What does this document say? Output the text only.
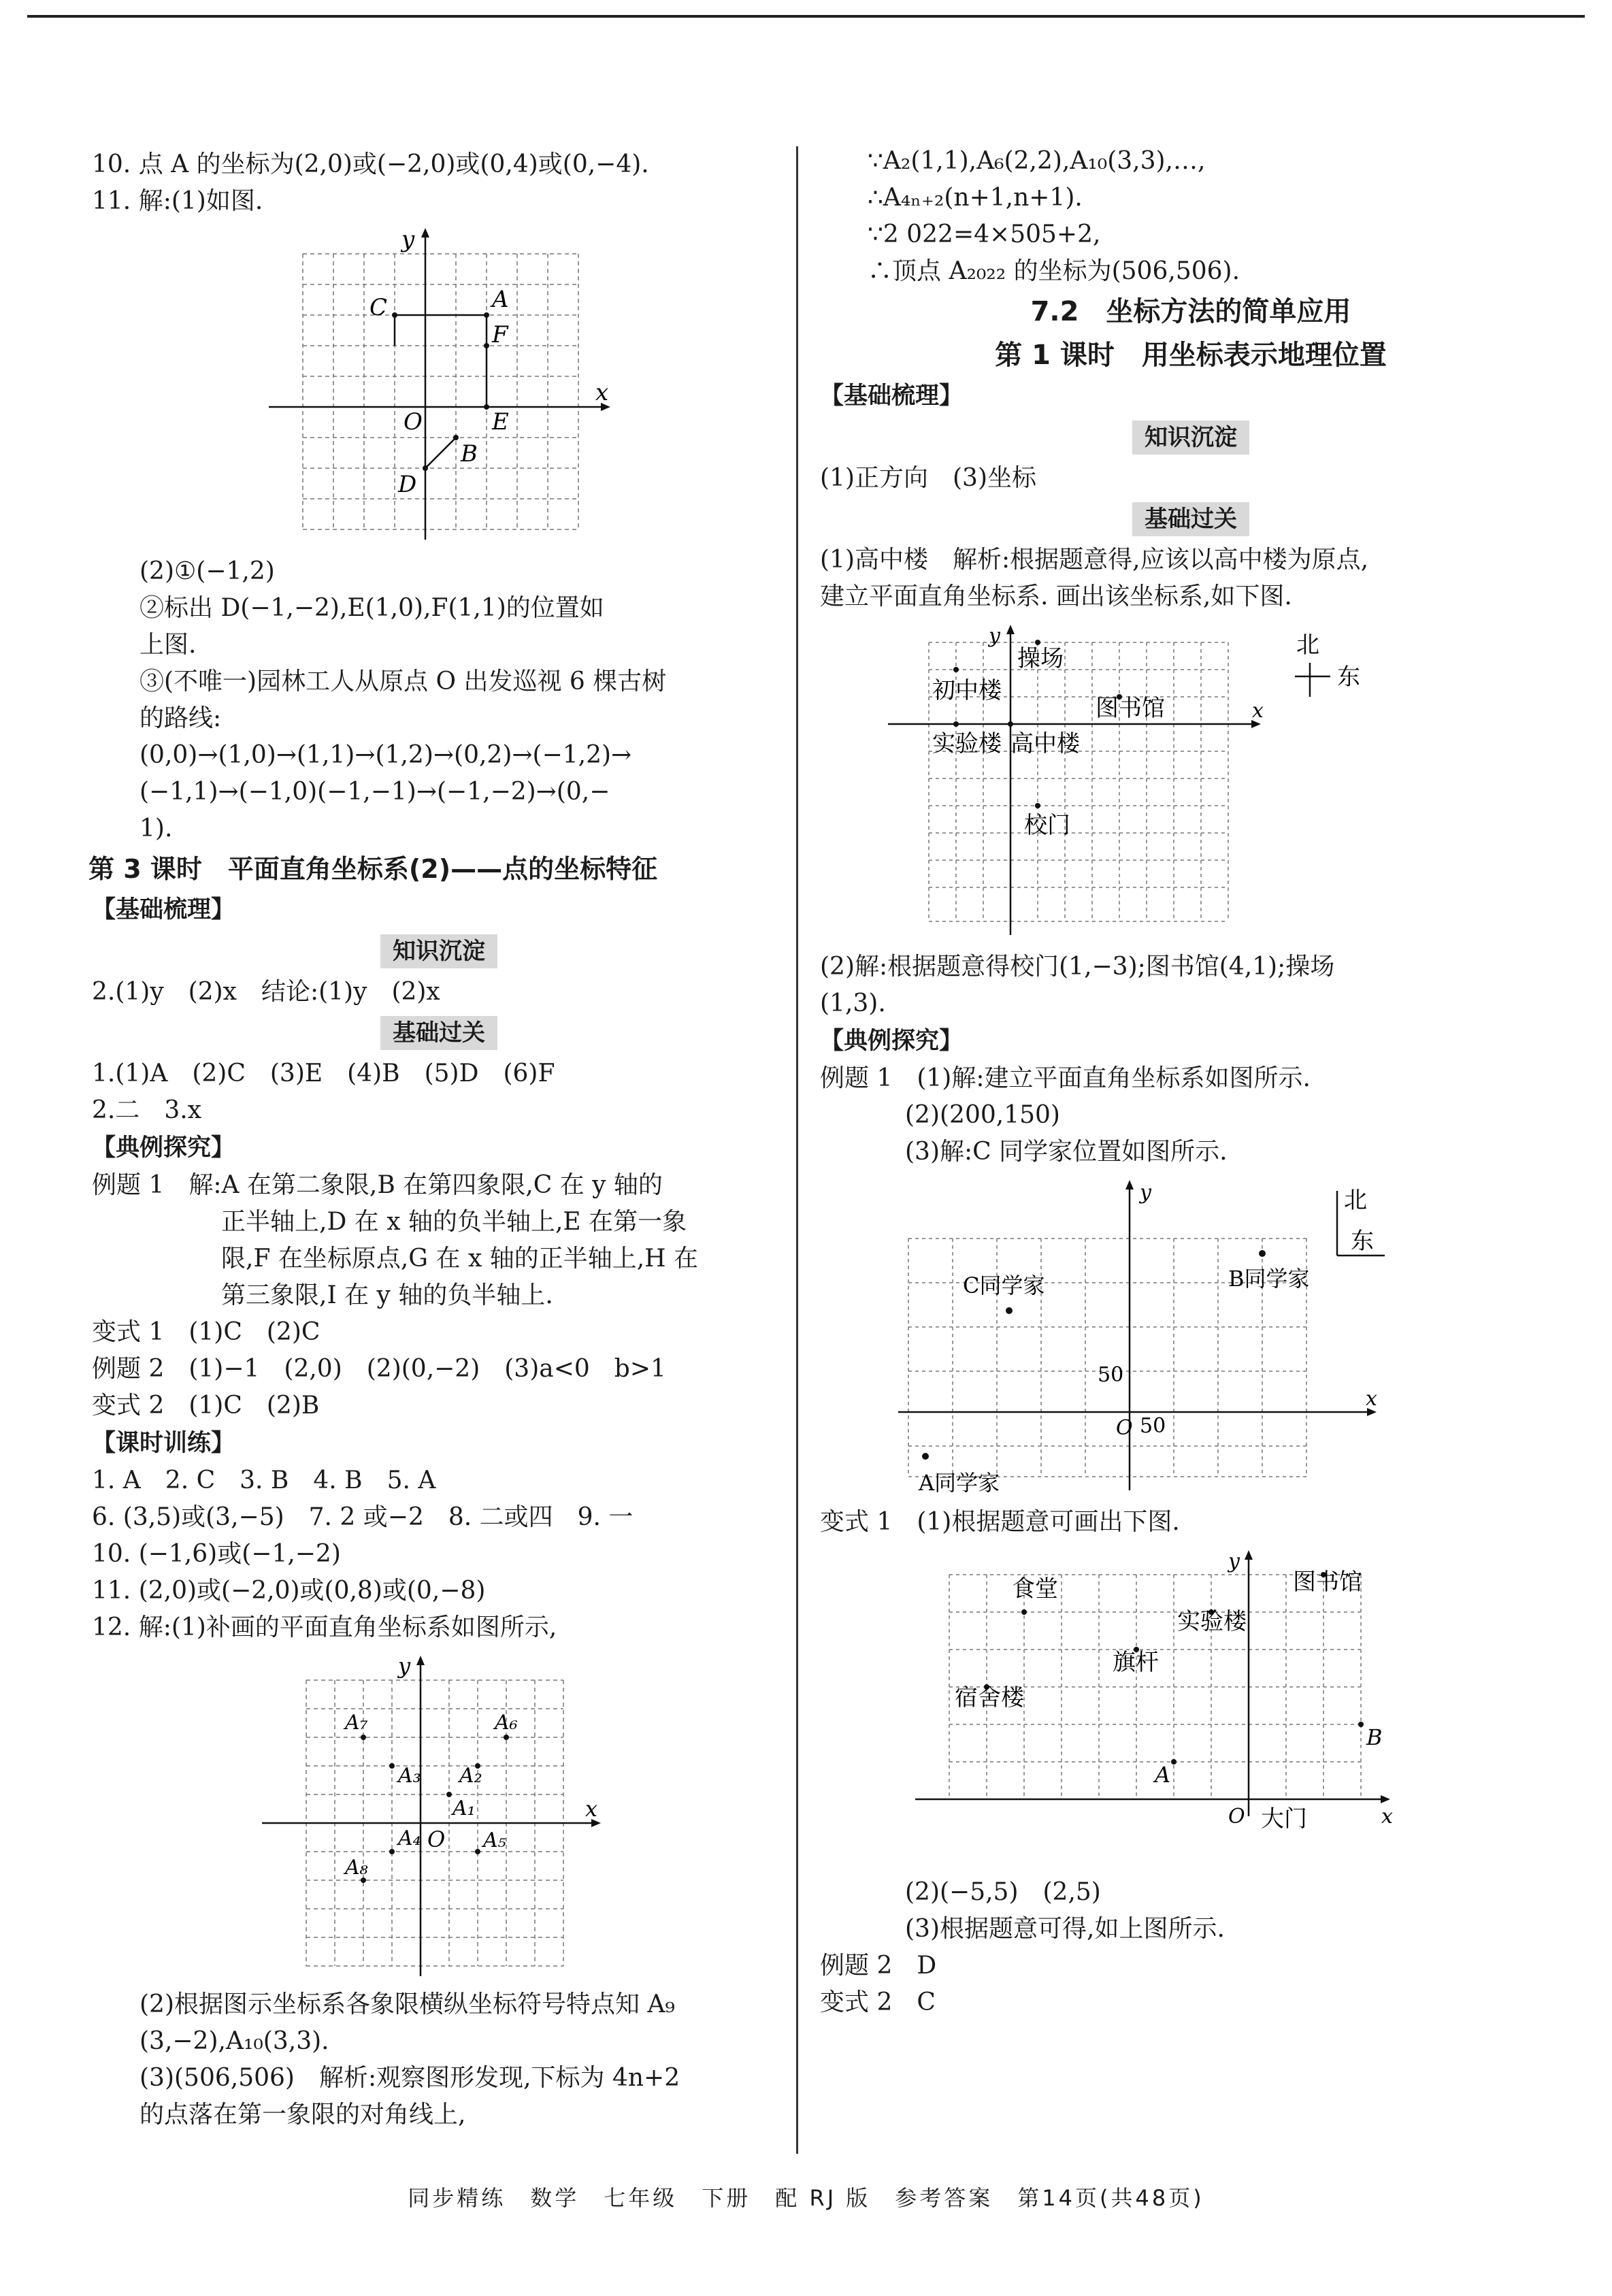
10. 点 A 的坐标为(2,0)或(−2,0)或(0,4)或(0,−4).
11. 解:(1)如图.
y
x
O
A
F
E
B
C
D
(2)①(−1,2)
②标出 D(−1,−2),E(1,0),F(1,1)的位置如
上图.
③(不唯一)园林工人从原点 O 出发巡视 6 棵古树
的路线:
(0,0)→(1,0)→(1,1)→(1,2)→(0,2)→(−1,2)→
(−1,1)→(−1,0)(−1,−1)→(−1,−2)→(0,−
1).
第 3 课时　平面直角坐标系(2)——点的坐标特征
【基础梳理】
知识沉淀
2.(1)y　(2)x　结论:(1)y　(2)x
基础过关
1.(1)A　(2)C　(3)E　(4)B　(5)D　(6)F
2.二　3.x
【典例探究】
例题 1　解:A 在第二象限,B 在第四象限,C 在 y 轴的
正半轴上,D 在 x 轴的负半轴上,E 在第一象
限,F 在坐标原点,G 在 x 轴的正半轴上,H 在
第三象限,I 在 y 轴的负半轴上.
变式 1　(1)C　(2)C
例题 2　(1)−1　(2,0)　(2)(0,−2)　(3)a<0　b>1
变式 2　(1)C　(2)B
【课时训练】
1. A　2. C　3. B　4. B　5. A
6. (3,5)或(3,−5)　7. 2 或−2　8. 二或四　9. 一
10. (−1,6)或(−1,−2)
11. (2,0)或(−2,0)或(0,8)或(0,−8)
12. 解:(1)补画的平面直角坐标系如图所示,
y
x
O
A₁
A₂
A₃
A₄	A₅
A₆
A₇
A₈
(2)根据图示坐标系各象限横纵坐标符号特点知 A₉
(3,−2),A₁₀(3,3).
(3)(506,506)　解析:观察图形发现,下标为 4n+2
的点落在第一象限的对角线上,
∵A₂(1,1),A₆(2,2),A₁₀(3,3),…,
∴A₄ₙ₊₂(n+1,n+1).
∵2 022=4×505+2,
∴顶点 A₂₀₂₂ 的坐标为(506,506).
7.2　坐标方法的简单应用
第 1 课时　用坐标表示地理位置
【基础梳理】
知识沉淀
(1)正方向　(3)坐标
基础过关
(1)高中楼　解析:根据题意得,应该以高中楼为原点,
建立平面直角坐标系. 画出该坐标系,如下图.
y
x
操场
初中楼
图书馆
实验楼 高中楼
校门
北
东
(2)解:根据题意得校门(1,−3);图书馆(4,1);操场
(1,3).
【典例探究】
例题 1　(1)解:建立平面直角坐标系如图所示.
(2)(200,150)
(3)解:C 同学家位置如图所示.
y
x
O
50
50
C同学家	B同学家
A同学家
北
东
变式 1　(1)根据题意可画出下图.
y
x
O
食堂	图书馆
实验楼
旗杆
宿舍楼
B
A
大门
(2)(−5,5)　(2,5)
(3)根据题意可得,如上图所示.
例题 2　D
变式 2　C
同步精练　数学　七年级　下册　配 RJ 版　参考答案　第14页(共48页)
